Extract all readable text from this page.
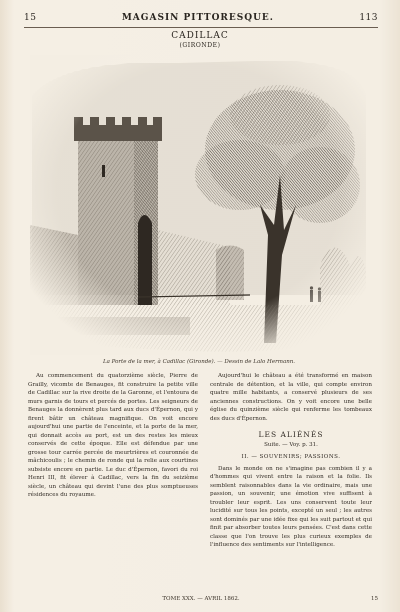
15	MAGASIN PITTORESQUE.	113
CADILLAC
(GIRONDE)
La Porte de la mer, à Cadillac (Gironde). — Dessin de Lalo Hermann.

Au commencement du quatorzième siècle, Pierre de Grailly, vicomte de Benauges, fit construire la petite ville de Cadillac sur la rive droite de la Garonne, et l'entoura de murs garnis de tours et percés de portes. Les seigneurs de Benauges la donnèrent plus tard aux ducs d'Épernon, qui y firent bâtir un château magnifique. On voit encore aujourd'hui une partie de l'enceinte, et la porte de la mer, qui donnait accès au port, est un des restes les mieux conservés de cette époque. Elle est défendue par une grosse tour carrée percée de meurtrières et couronnée de mâchicoulis ; le chemin de ronde qui la relie aux courtines subsiste encore en partie. Le duc d'Épernon, favori du roi Henri III, fit élever à Cadillac, vers la fin du seizième siècle, un château qui devint l'une des plus somptueuses résidences du royaume.

Aujourd'hui le château a été transformé en maison centrale de détention, et la ville, qui compte environ quatre mille habitants, a conservé plusieurs de ses anciennes constructions. On y voit encore une belle église du quinzième siècle qui renferme les tombeaux des ducs d'Épernon.

LES ALIÉNÉS
Suite. — Voy. p. 31.
II. — SOUVENIRS; PASSIONS.

Dans le monde on ne s'imagine pas combien il y a d'hommes qui vivent entre la raison et la folie. Ils semblent raisonnables dans la vie ordinaire, mais une passion, un souvenir, une émotion vive suffisent à troubler leur esprit. Les uns conservent toute leur lucidité sur tous les points, excepté un seul ; les autres sont dominés par une idée fixe qui les suit partout et qui finit par absorber toutes leurs pensées. C'est dans cette classe que l'on trouve les plus curieux exemples de l'influence des sentiments sur l'intelligence.

TOME XXX. — AVRIL 1862.	15
